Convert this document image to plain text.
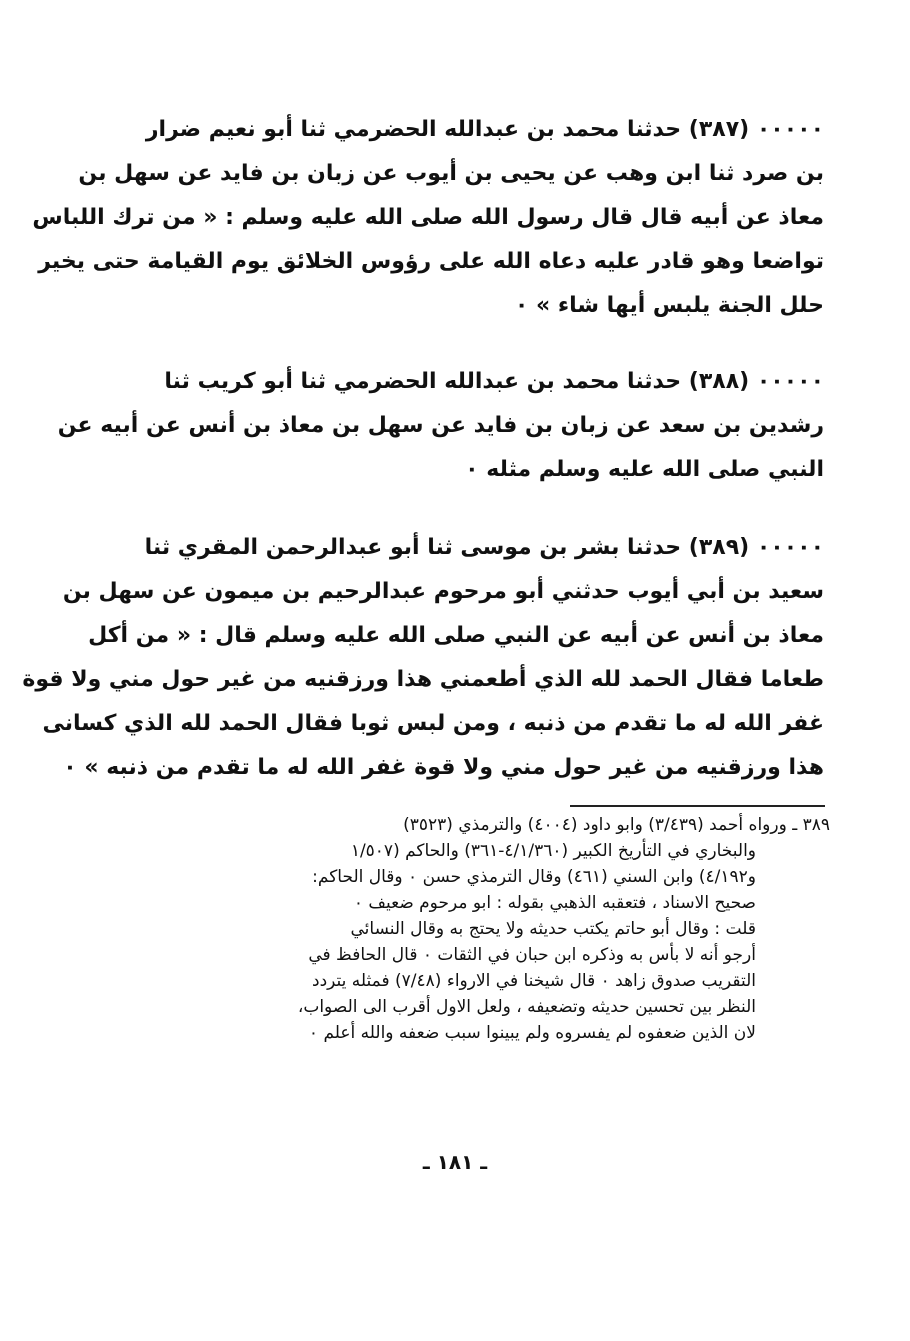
٠٠٠٠٠ (٣٨٧) حدثنا محمد بن عبدالله الحضرمي ثنا أبو نعيم ضرار
بن صرد ثنا ابن وهب عن يحيى بن أيوب عن زبان بن فايد عن سهل بن
معاذ عن أبيه قال قال رسول الله صلى الله عليه وسلم : « من ترك اللباس
تواضعا وهو قادر عليه دعاه الله على رؤوس الخلائق يوم القيامة حتى يخير
حلل الجنة يلبس أيها شاء » ٠
٠٠٠٠٠ (٣٨٨) حدثنا محمد بن عبدالله الحضرمي ثنا أبو كريب ثنا
رشدين بن سعد عن زبان بن فايد عن سهل بن معاذ بن أنس عن أبيه عن
النبي صلى الله عليه وسلم مثله ٠
٠٠٠٠٠ (٣٨٩) حدثنا بشر بن موسى ثنا أبو عبدالرحمن المقري ثنا
سعيد بن أبي أيوب حدثني أبو مرحوم عبدالرحيم بن ميمون عن سهل بن
معاذ بن أنس عن أبيه عن النبي صلى الله عليه وسلم قال : « من أكل
طعاما فقال الحمد لله الذي أطعمني هذا ورزقنيه من غير حول مني ولا قوة
غفر الله له ما تقدم من ذنبه ، ومن لبس ثوبا فقال الحمد لله الذي كسانى
هذا ورزقنيه من غير حول مني ولا قوة غفر الله له ما تقدم من ذنبه » ٠
٣٨٩ ـ ورواه أحمد (٣/٤٣٩) وابو داود (٤٠٠٤) والترمذي (٣٥٢٣)
والبخاري في التأريخ الكبير (٤/١/٣٦٠-٣٦١) والحاكم (١/٥٠٧
و٤/١٩٢) وابن السني (٤٦١) وقال الترمذي حسن ٠ وقال الحاكم:
صحيح الاسناد ، فتعقبه الذهبي بقوله : ابو مرحوم ضعيف ٠
قلت : وقال أبو حاتم يكتب حديثه ولا يحتج به وقال النسائي
أرجو أنه لا بأس به وذكره ابن حبان في الثقات ٠ قال الحافظ في
التقريب صدوق زاهد ٠ قال شيخنا في الارواء (٧/٤٨) فمثله يتردد
النظر بين تحسين حديثه وتضعيفه ، ولعل الاول أقرب الى الصواب،
لان الذين ضعفوه لم يفسروه ولم يبينوا سبب ضعفه والله أعلم ٠
ـ ١٨١ ـ
